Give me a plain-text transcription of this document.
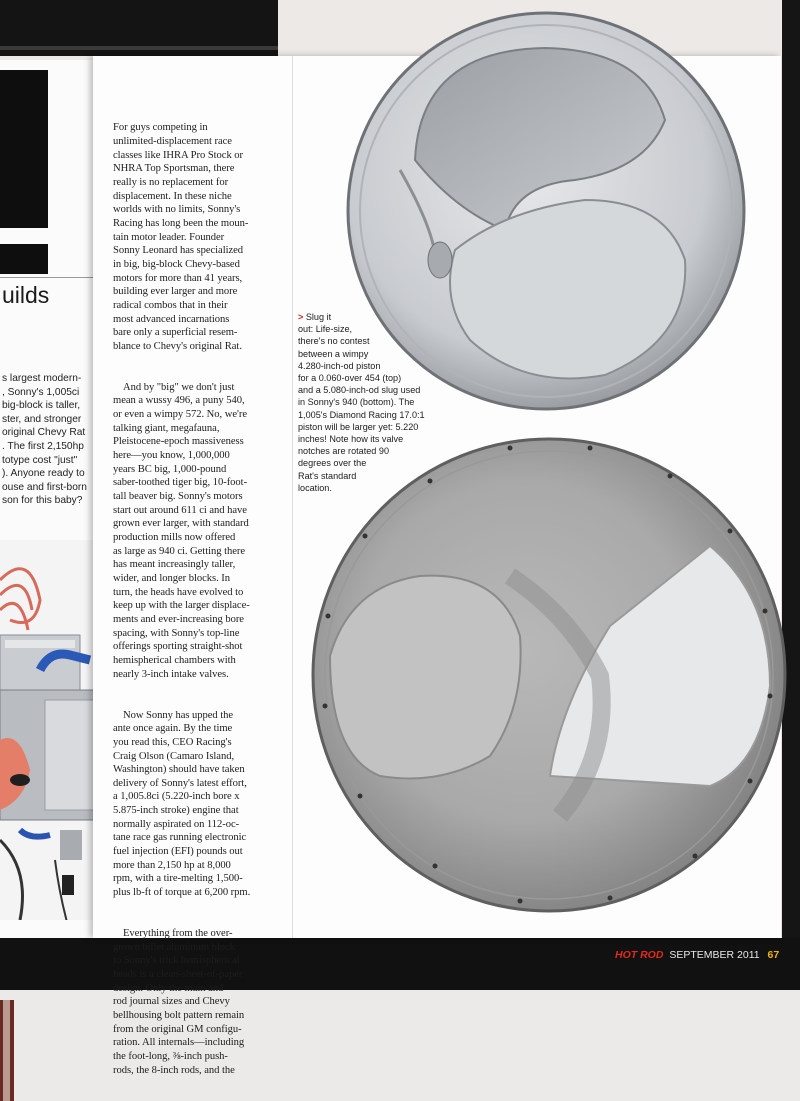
uilds
s largest modern-
, Sonny's 1,005ci
big-block is taller,
ster, and stronger
original Chevy Rat
. The first 2,150hp
totype cost "just"
). Anyone ready to
ouse and first-born
son for this baby?

For guys competing in
unlimited-displacement race
classes like IHRA Pro Stock or
NHRA Top Sportsman, there
really is no replacement for
displacement. In these niche
worlds with no limits, Sonny's
Racing has long been the moun-
tain motor leader. Founder
Sonny Leonard has specialized
in big, big-block Chevy-based
motors for more than 41 years,
building ever larger and more
radical combos that in their
most advanced incarnations
bare only a superficial resem-
blance to Chevy's original Rat.

And by "big" we don't just
mean a wussy 496, a puny 540,
or even a wimpy 572. No, we're
talking giant, megafauna,
Pleistocene-epoch massiveness
here—you know, 1,000,000
years BC big, 1,000-pound
saber-toothed tiger big, 10-foot-
tall beaver big. Sonny's motors
start out around 611 ci and have
grown ever larger, with standard
production mills now offered
as large as 940 ci. Getting there
has meant increasingly taller,
wider, and longer blocks. In
turn, the heads have evolved to
keep up with the larger displace-
ments and ever-increasing bore
spacing, with Sonny's top-line
offerings sporting straight-shot
hemispherical chambers with
nearly 3-inch intake valves.

Now Sonny has upped the
ante once again. By the time
you read this, CEO Racing's
Craig Olson (Camaro Island,
Washington) should have taken
delivery of Sonny's latest effort,
a 1,005.8ci (5.220-inch bore x
5.875-inch stroke) engine that
normally aspirated on 112-oc-
tane race gas running electronic
fuel injection (EFI) pounds out
more than 2,150 hp at 8,000
rpm, with a tire-melting 1,500-
plus lb-ft of torque at 6,200 rpm.

Everything from the over-
grown billet aluminum block
to Sonny's trick hemispherical
heads is a clean-sheet-of-paper
design. Only the main and
rod journal sizes and Chevy
bellhousing bolt pattern remain
from the original GM configu-
ration. All internals—including
the foot-long, ⅜-inch push-
rods, the 8-inch rods, and the

> Slug it
out: Life-size,
there's no contest
between a wimpy
4.280-inch-od piston
for a 0.060-over 454 (top)
and a 5.080-inch-od slug used
in Sonny's 940 (bottom). The
1,005's Diamond Racing 17.0:1
piston will be larger yet: 5.220
inches! Note how its valve
notches are rotated 90
degrees over the
Rat's standard
location.
HOT ROD SEPTEMBER 2011 67
